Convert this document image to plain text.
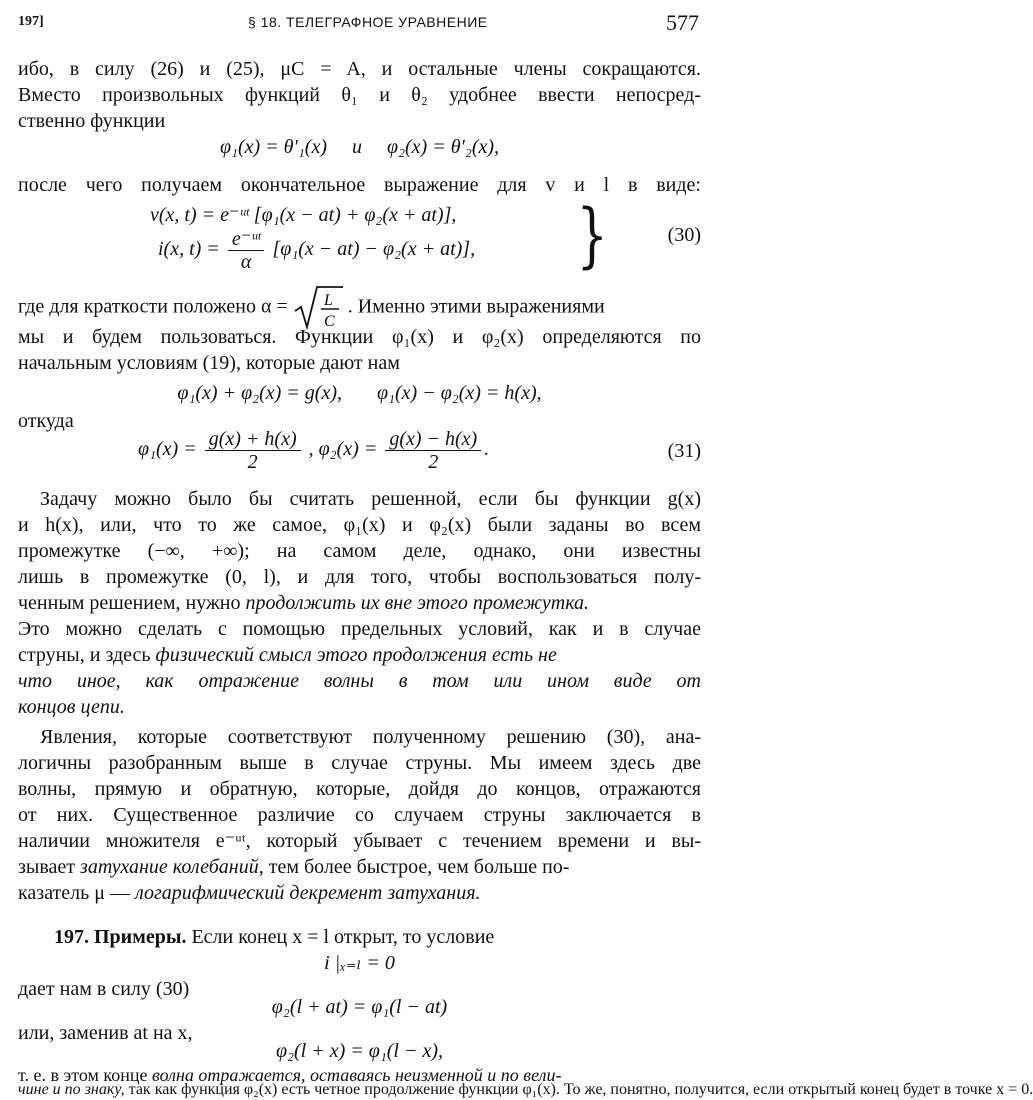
197]	§ 18. ТЕЛЕГРАФНОЕ УРАВНЕНИЕ	577
ибо, в силу (26) и (25), μC = A, и остальные члены сокращаются.
Вместо произвольных функций θ₁ и θ₂ удобнее ввести непосред-
ственно функции
φ₁(x) = θ′₁(x)     и     φ₂(x) = θ′₂(x),
после чего получаем окончательное выражение для v и l в виде:
v(x, t) = e⁻ᵘᵗ [φ₁(x − at) + φ₂(x + at)],
i(x, $t) = \frac{\text{e⁻ᵘᵗ}}{\alpha} [\varphi_1(x - at) - \varphi_2(x + at)]$, }	(30)
где для краткости положено α = L
C
. Именно этими выражениями
мы и будем пользоваться. Функции φ₁(x) и φ₂(x) определяются по
начальным условиям (19), которые дают нам
φ₁(x) + φ₂(x) = g(x),       φ₁(x) − φ₂(x) = h(x),
откуда
$\varphi_1(x) = \frac{g(x) + h(x)}{2}$ , $\varphi_2(x) = \frac{g(x) - h(x)}{2}$ .	(31)
Задачу можно было бы считать решенной, если бы функции g(x)
и h(x), или, что то же самое, φ₁(x) и φ₂(x) были заданы во всем
промежутке (−∞, +∞); на самом деле, однако, они известны
лишь в промежутке (0, l), и для того, чтобы воспользоваться полу-
ченным решением, нужно продолжить их вне этого промежутка.
Это можно сделать с помощью предельных условий, как и в случае
струны, и здесь физический смысл этого продолжения есть не
что иное, как отражение волны в том или ином виде от
концов цепи.
Явления, которые соответствуют полученному решению (30), ана-
логичны разобранным выше в случае струны. Мы имеем здесь две
волны, прямую и обратную, которые, дойдя до концов, отражаются
от них. Существенное различие со случаем струны заключается в
наличии множителя e⁻ᵘᵗ, который убывает с течением времени и вы-
зывает затухание колебаний, тем более быстрое, чем больше по-
казатель μ — логарифмический декремент затухания.
197. Примеры. Если конец x = l открыт, то условие
i |ₓ₌ₗ = 0
дает нам в силу (30)
φ₂(l + at) = φ₁(l − at)
или, заменив at на x,
φ₂(l + x) = φ₁(l − x),
т. е. в этом конце волна отражается, оставаясь неизменной и по вели-
чине и по знаку, так как функция φ₂(x) есть четное продолжение функции φ₁(x). То же, понятно, получится, если открытый конец будет в точке x = 0.
